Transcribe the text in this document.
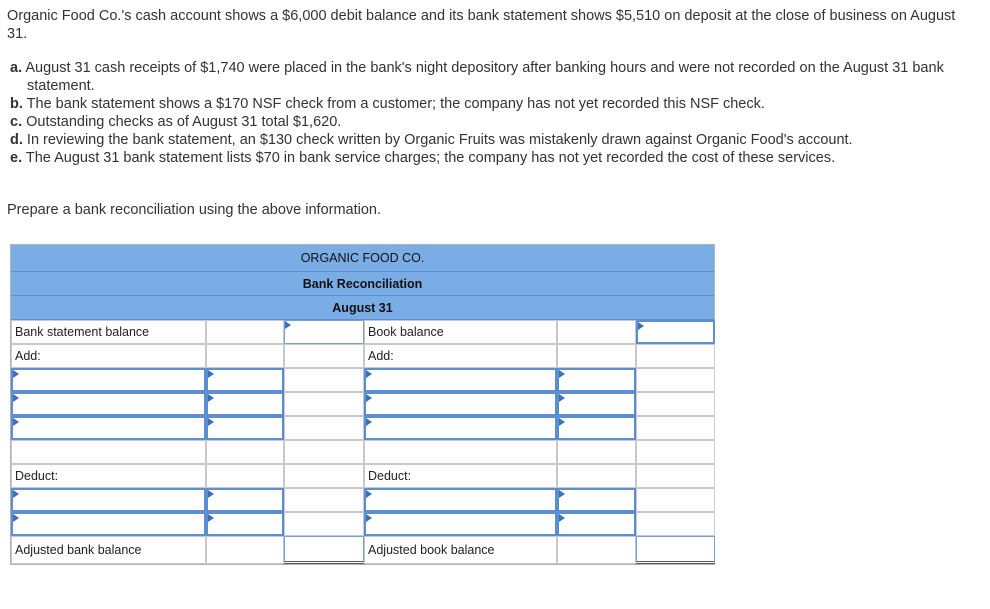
Organic Food Co.'s cash account shows a $6,000 debit balance and its bank statement shows $5,510 on deposit at the close of business on August 31.

a. August 31 cash receipts of $1,740 were placed in the bank's night depository after banking hours and were not recorded on the August 31 bank statement.
b. The bank statement shows a $170 NSF check from a customer; the company has not yet recorded this NSF check.
c. Outstanding checks as of August 31 total $1,620.
d. In reviewing the bank statement, an $130 check written by Organic Fruits was mistakenly drawn against Organic Food's account.
e. The August 31 bank statement lists $70 in bank service charges; the company has not yet recorded the cost of these services.

Prepare a bank reconciliation using the above information.

ORGANIC FOOD CO.
Bank Reconciliation
August 31
Bank statement balance	Book balance
Add:	Add:
Deduct:	Deduct:
Adjusted bank balance	Adjusted book balance
